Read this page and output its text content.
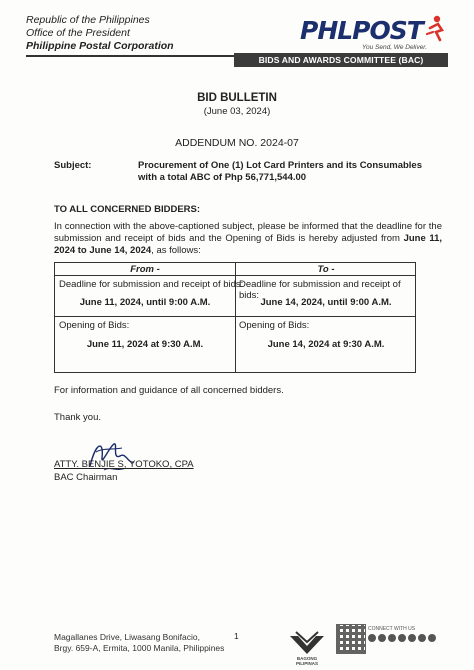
Republic of the Philippines
Office of the President
Philippine Postal Corporation
PHLPOST
You Send, We Deliver.
BIDS AND AWARDS COMMITTEE (BAC)
BID BULLETIN
(June 03, 2024)
ADDENDUM NO. 2024-07
Subject:	Procurement of One (1) Lot Card Printers and its Consumables with a total ABC of Php 56,771,544.00
TO ALL CONCERNED BIDDERS:
In connection with the above-captioned subject, please be informed that the deadline for the submission and receipt of bids and the Opening of Bids is hereby adjusted from June 11, 2024 to June 14, 2024, as follows:
From -	To -
Deadline for submission and receipt of bids:
June 11, 2024, until 9:00 A.M.
Deadline for submission and receipt of bids:
June 14, 2024, until 9:00 A.M.
Opening of Bids:
June 11, 2024 at 9:30 A.M.
Opening of Bids:
June 14, 2024 at 9:30 A.M.
For information and guidance of all concerned bidders.
Thank you.
ATTY. BENJIE S. YOTOKO, CPA
BAC Chairman
Magallanes Drive, Liwasang Bonifacio,
Brgy. 659-A, Ermita, 1000 Manila, Philippines
1
BAGONG PILIPINAS
CONNECT WITH US
